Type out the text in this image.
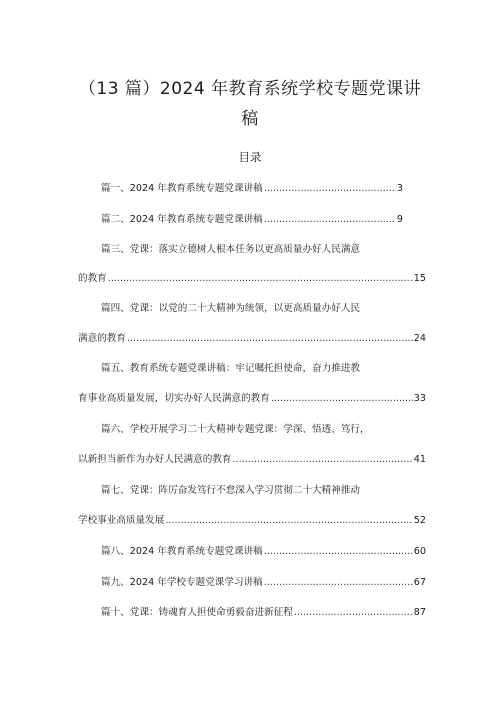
（13 篇）2024 年教育系统学校专题党课讲
稿
目录
篇一、2024 年教育系统专题党课讲稿 .....	3
篇二、2024 年教育系统专题党课讲稿 .....	9
篇三、党课：落实立德树人根本任务以更高质量办好人民满意
的教育 .....	15
篇四、党课：以党的二十大精神为统领，以更高质量办好人民
满意的教育 .....	24
篇五、教育系统专题党课讲稿：牢记嘱托担使命，奋力推进教
育事业高质量发展，切实办好人民满意的教育 .....	33
篇六、学校开展学习二十大精神专题党课：学深、悟透、笃行，
以新担当新作为办好人民满意的教育 .....	41
篇七、党课：阵厉奋发笃行不怠深入学习贯彻二十大精神推动
学校事业高质量发展 .....	52
篇八、2024 年教育系统专题党课讲稿 .....	60
篇九、2024 年学校专题党课学习讲稿 .....	67
篇十、党课：铸魂育人担使命勇毅奋进新征程 .....	87
